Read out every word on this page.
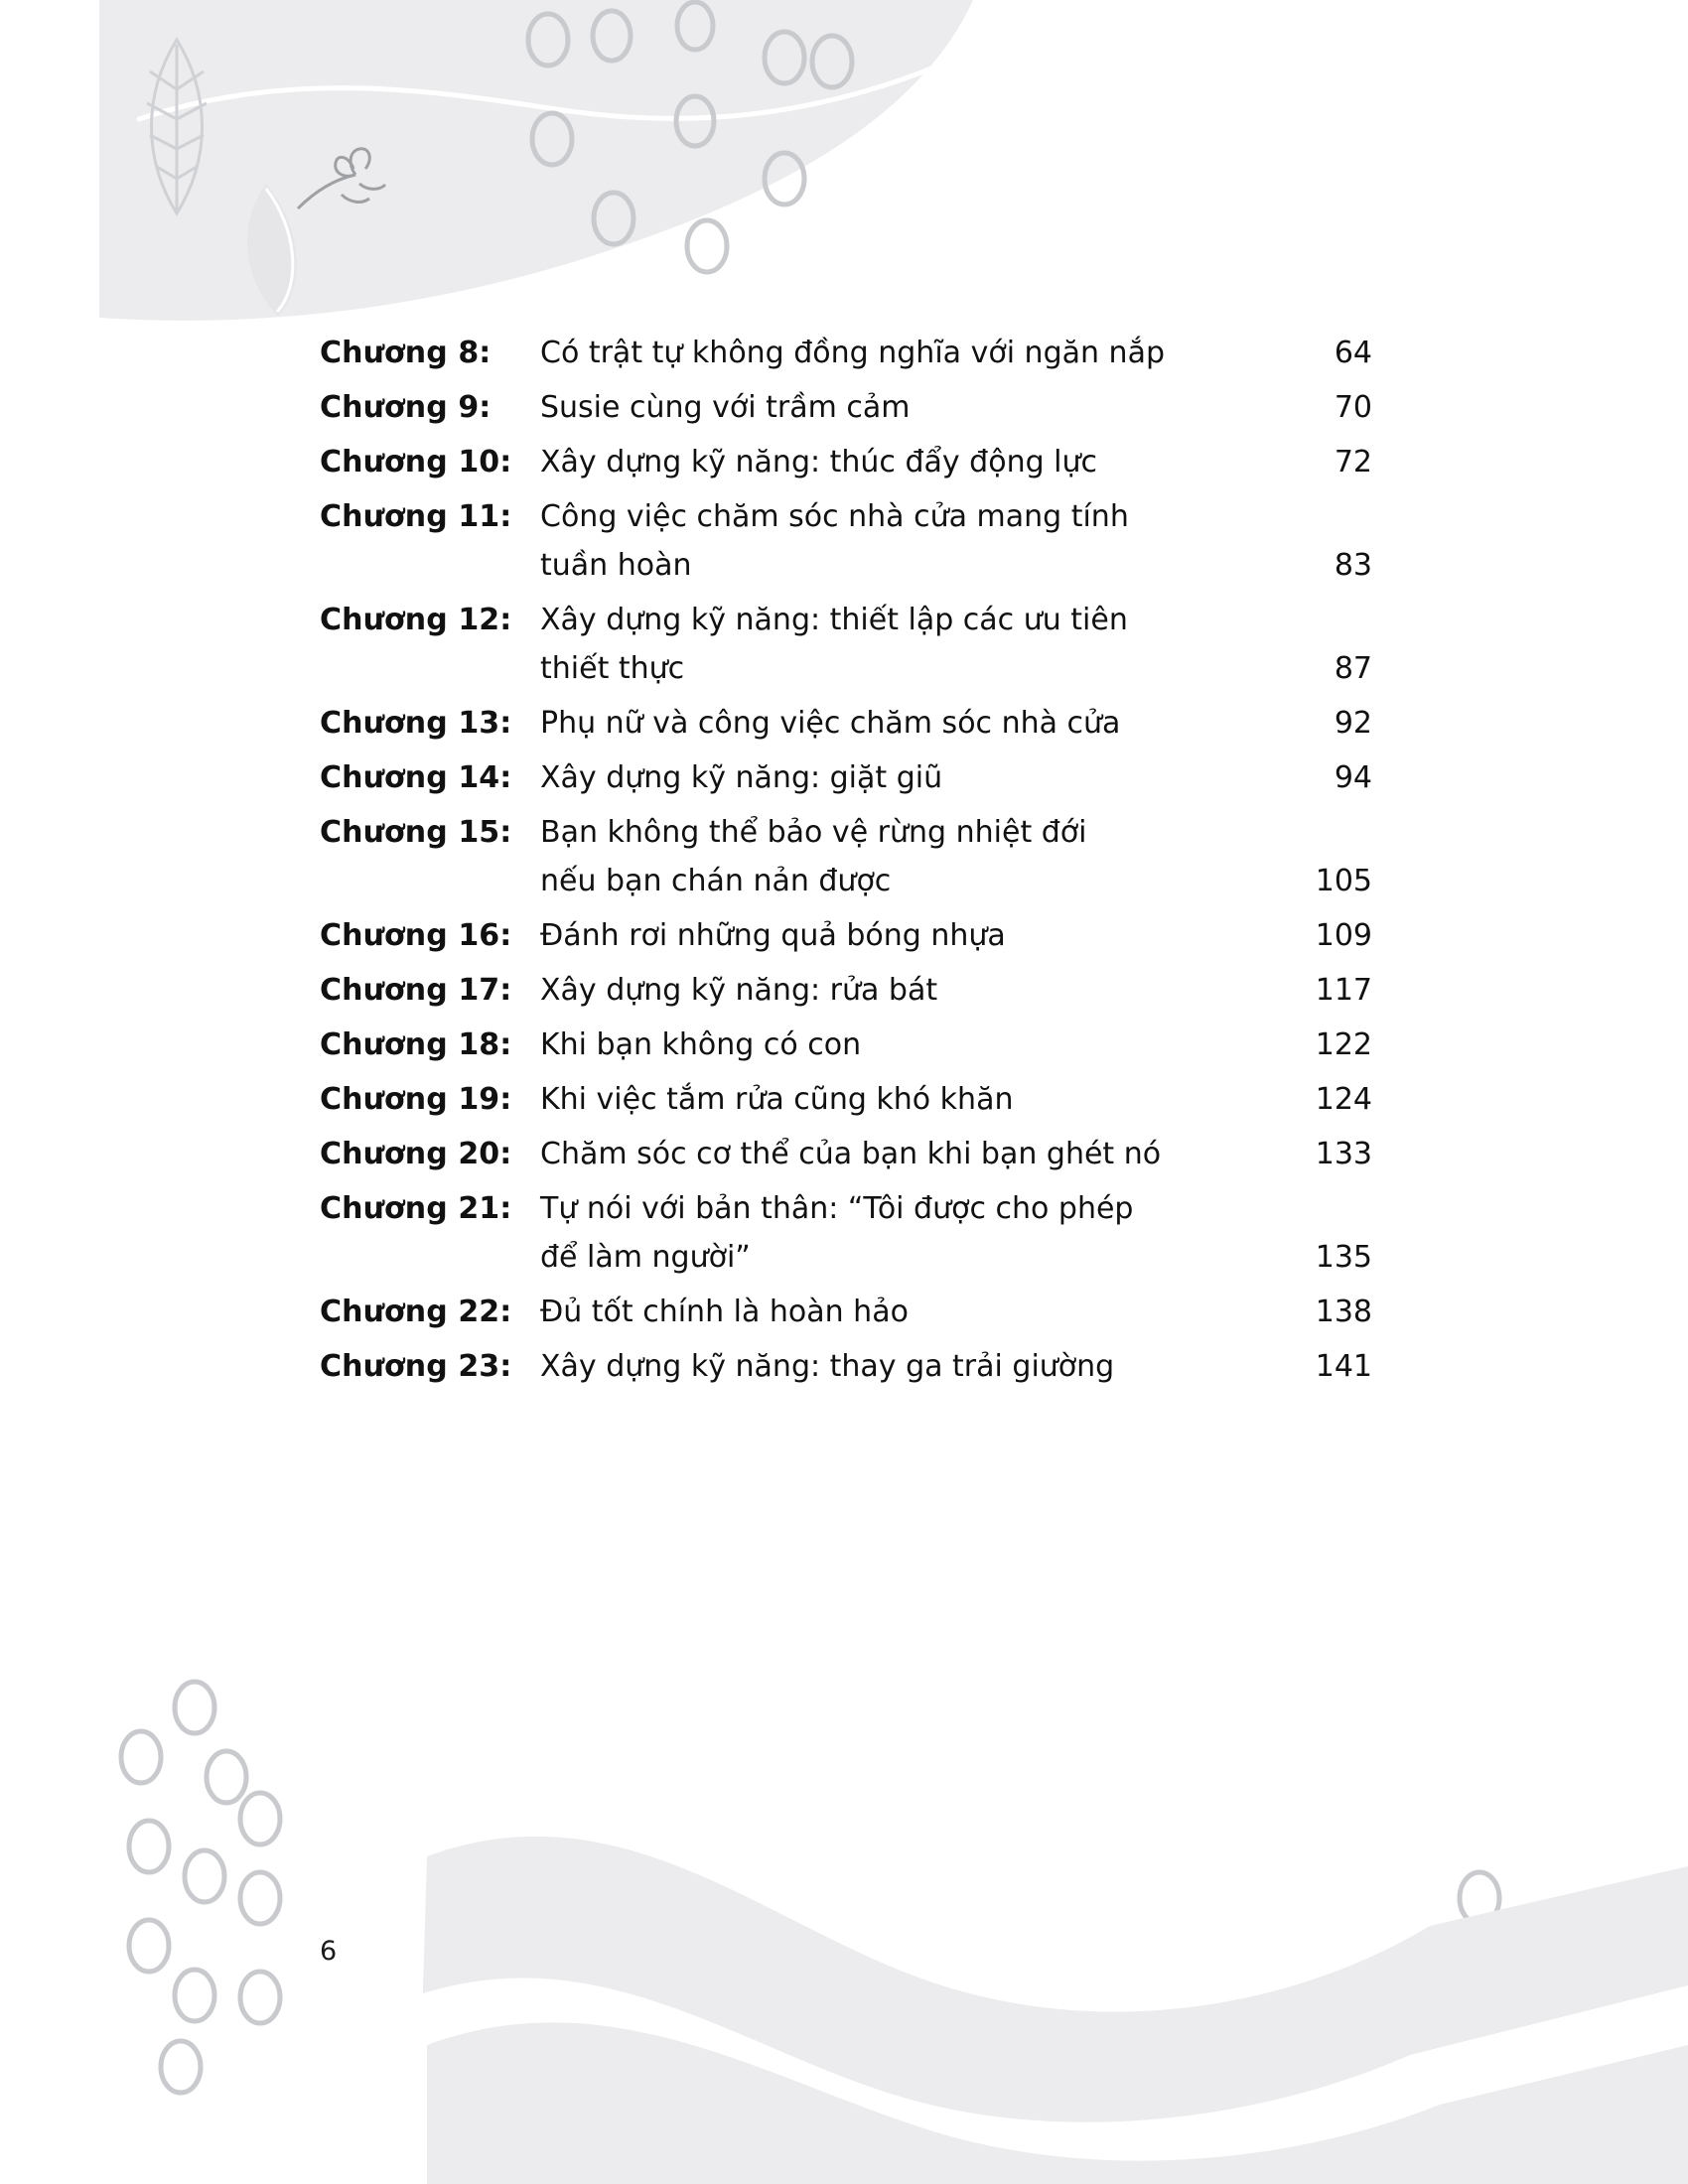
Chương 8:	Có trật tự không đồng nghĩa với ngăn nắp	64
Chương 9:	Susie cùng với trầm cảm	70
Chương 10: Xây dựng kỹ năng: thúc đẩy động lực	72
Chương 11: Công việc chăm sóc nhà cửa mang tính
tuần hoàn	83
Chương 12: Xây dựng kỹ năng: thiết lập các ưu tiên
thiết thực	87
Chương 13: Phụ nữ và công việc chăm sóc nhà cửa	92
Chương 14: Xây dựng kỹ năng: giặt giũ	94
Chương 15: Bạn không thể bảo vệ rừng nhiệt đới
nếu bạn chán nản được	105
Chương 16: Đánh rơi những quả bóng nhựa	109
Chương 17: Xây dựng kỹ năng: rửa bát	117
Chương 18: Khi bạn không có con	122
Chương 19: Khi việc tắm rửa cũng khó khăn	124
Chương 20: Chăm sóc cơ thể của bạn khi bạn ghét nó	133
Chương 21: Tự nói với bản thân: “Tôi được cho phép
để làm người”	135
Chương 22: Đủ tốt chính là hoàn hảo	138
Chương 23: Xây dựng kỹ năng: thay ga trải giường	141
6
